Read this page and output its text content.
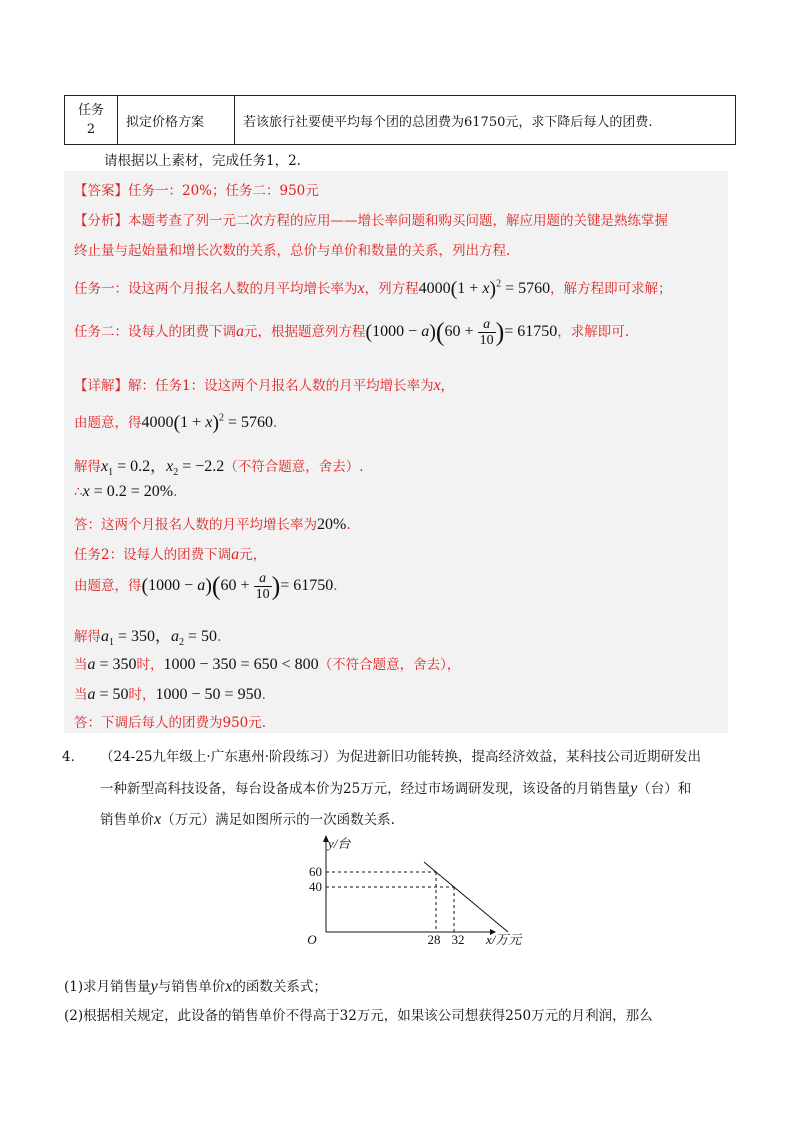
任务
2	拟定价格方案	若该旅行社要使平均每个团的总团费为61750元，求下降后每人的团费.
请根据以上素材，完成任务1，2.
【答案】任务一：20%；任务二：950元
【分析】本题考查了列一元二次方程的应用——增长率问题和购买问题，解应用题的关键是熟练掌握
终止量与起始量和增长次数的关系，总价与单价和数量的关系，列出方程.
任务一：设这两个月报名人数的月平均增长率为x，列方程$4000(1 + x)^2 = 5760$，解方程即可求解；
任务二：设每人的团费下调a元，根据题意列方程$(1000 - a)(60 + \frac{a}{10}$ )= 61750，求解即可.
【详解】解：任务1：设这两个月报名人数的月平均增长率为x,
由题意，得$4000(1 + x)^2 = 5760$.
解得$x_1 = 0.2$，$x_2 = -2.2$（不符合题意，舍去）.
∴x = 0.2 = 20%.
答：这两个月报名人数的月平均增长率为20%.
任务2：设每人的团费下调a元，
由题意，得$(1000 - a)(60 + \frac{a}{10}$ )= 61750.
解得$a_1 = 350$，$a_2 = 50$.
当a = 350时，1000 − 350 = 650 < 800（不符合题意，舍去），
当a = 50时，1000 − 50 = 950.
答：下调后每人的团费为950元.
4． （24-25九年级上·广东惠州·阶段练习）为促进新旧功能转换，提高经济效益，某科技公司近期研发出
一种新型高科技设备，每台设备成本价为25万元，经过市场调研发现，该设备的月销售量y（台）和
销售单价x（万元）满足如图所示的一次函数关系.
O
y/台
x/万元
60
40
28 32
(1)求月销售量y与销售单价x的函数关系式；
(2)根据相关规定，此设备的销售单价不得高于32万元，如果该公司想获得250万元的月利润，那么
